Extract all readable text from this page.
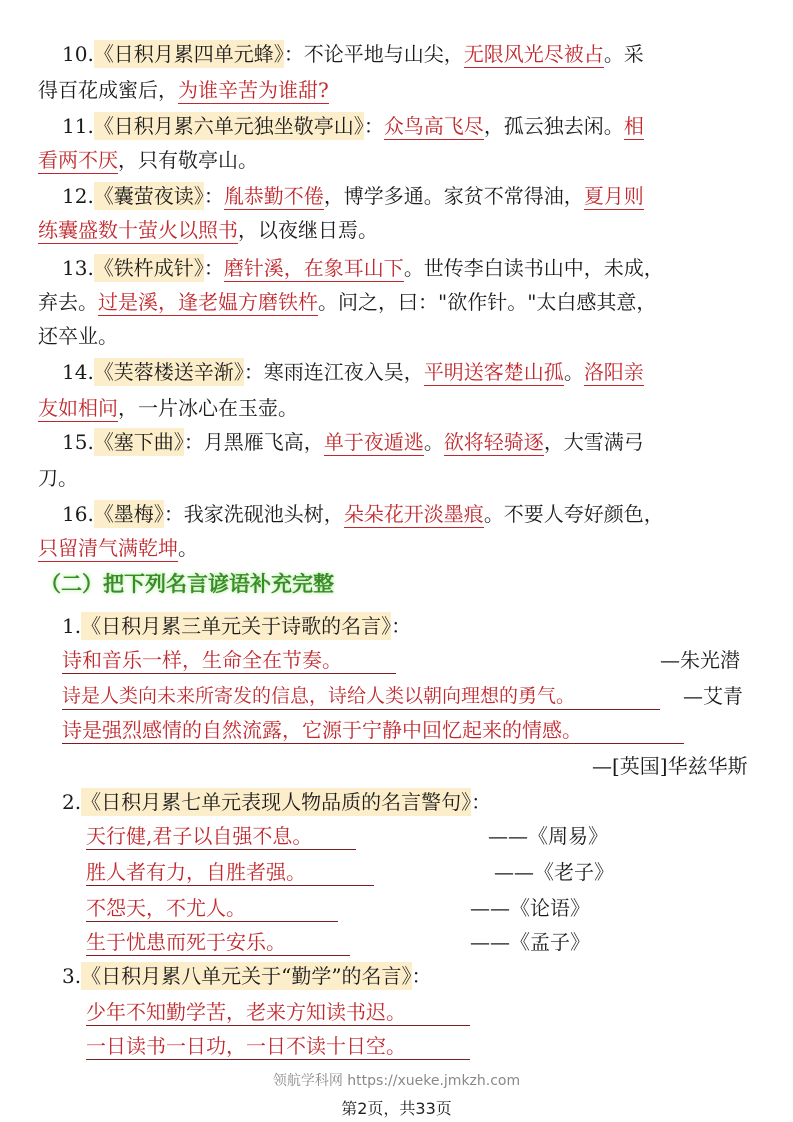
10.《日积月累四单元蜂》：不论平地与山尖，无限风光尽被占。采
得百花成蜜后，为谁辛苦为谁甜?
11.《日积月累六单元独坐敬亭山》：众鸟高飞尽，孤云独去闲。相
看两不厌，只有敬亭山。
12.《囊萤夜读》：胤恭勤不倦，博学多通。家贫不常得油，夏月则
练囊盛数十萤火以照书，以夜继日焉。
13.《铁杵成针》：磨针溪，在象耳山下。世传李白读书山中，未成，
弃去。过是溪，逢老媪方磨铁杵。问之，曰："欲作针。"太白感其意，
还卒业。
14.《芙蓉楼送辛渐》：寒雨连江夜入吴，平明送客楚山孤。洛阳亲
友如相问，一片冰心在玉壶。
15.《塞下曲》：月黑雁飞高，单于夜遁逃。欲将轻骑逐，大雪满弓
刀。
16.《墨梅》：我家洗砚池头树，朵朵花开淡墨痕。不要人夸好颜色，
只留清气满乾坤。
（二）把下列名言谚语补充完整
1.《日积月累三单元关于诗歌的名言》：
诗和音乐一样，生命全在节奏。	—朱光潜
诗是人类向未来所寄发的信息，诗给人类以朝向理想的勇气。	—艾青
诗是强烈感情的自然流露，它源于宁静中回忆起来的情感。
—[英国]华兹华斯
2.《日积月累七单元表现人物品质的名言警句》：
天行健,君子以自强不息。	——《周易》
胜人者有力，自胜者强。	——《老子》
不怨天，不尤人。	——《论语》
生于忧患而死于安乐。	——《孟子》
3.《日积月累八单元关于“勤学”的名言》：
少年不知勤学苦，老来方知读书迟。
一日读书一日功，一日不读十日空。
领航学科网 https://xueke.jmkzh.com
第2页，共33页
